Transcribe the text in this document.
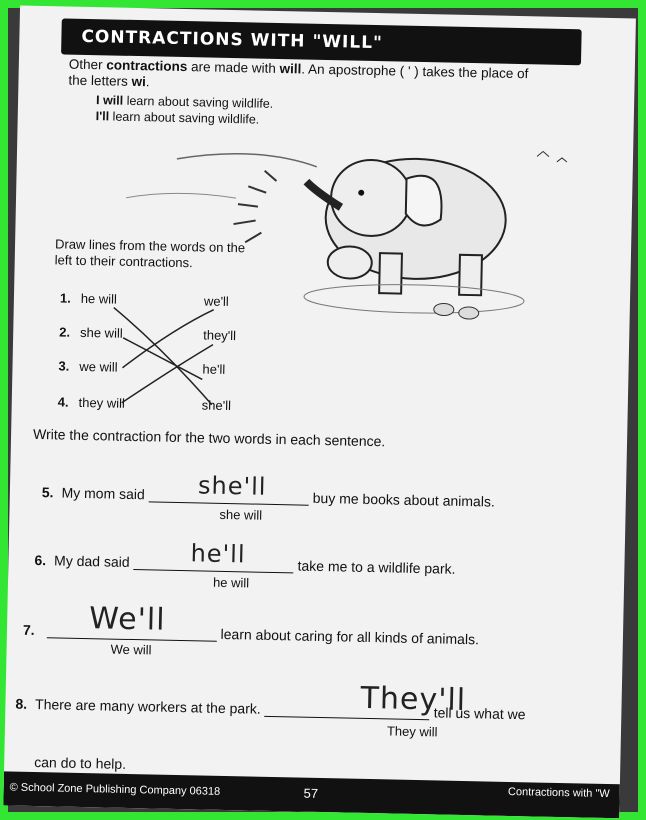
CONTRACTIONS WITH "WILL"
Other contractions are made with will. An apostrophe ( ' ) takes the place of the letters wi.
I will learn about saving wildlife.
I'll learn about saving wildlife.
Draw lines from the words on the left to their contractions.
1. he will
2. she will
3. we will
4. they will
we'll
they'll
he'll
she'll
Write the contraction for the two words in each sentence.
5. My mom said	buy me books about animals.
she'll
she will
6. My dad said	take me to a wildlife park.
he'll
he will
7.	learn about caring for all kinds of animals.
We'll
We will
8. There are many workers at the park.	tell us what we
They'll
They will
can do to help.
© School Zone Publishing Company 06318	57	Contractions with "W
